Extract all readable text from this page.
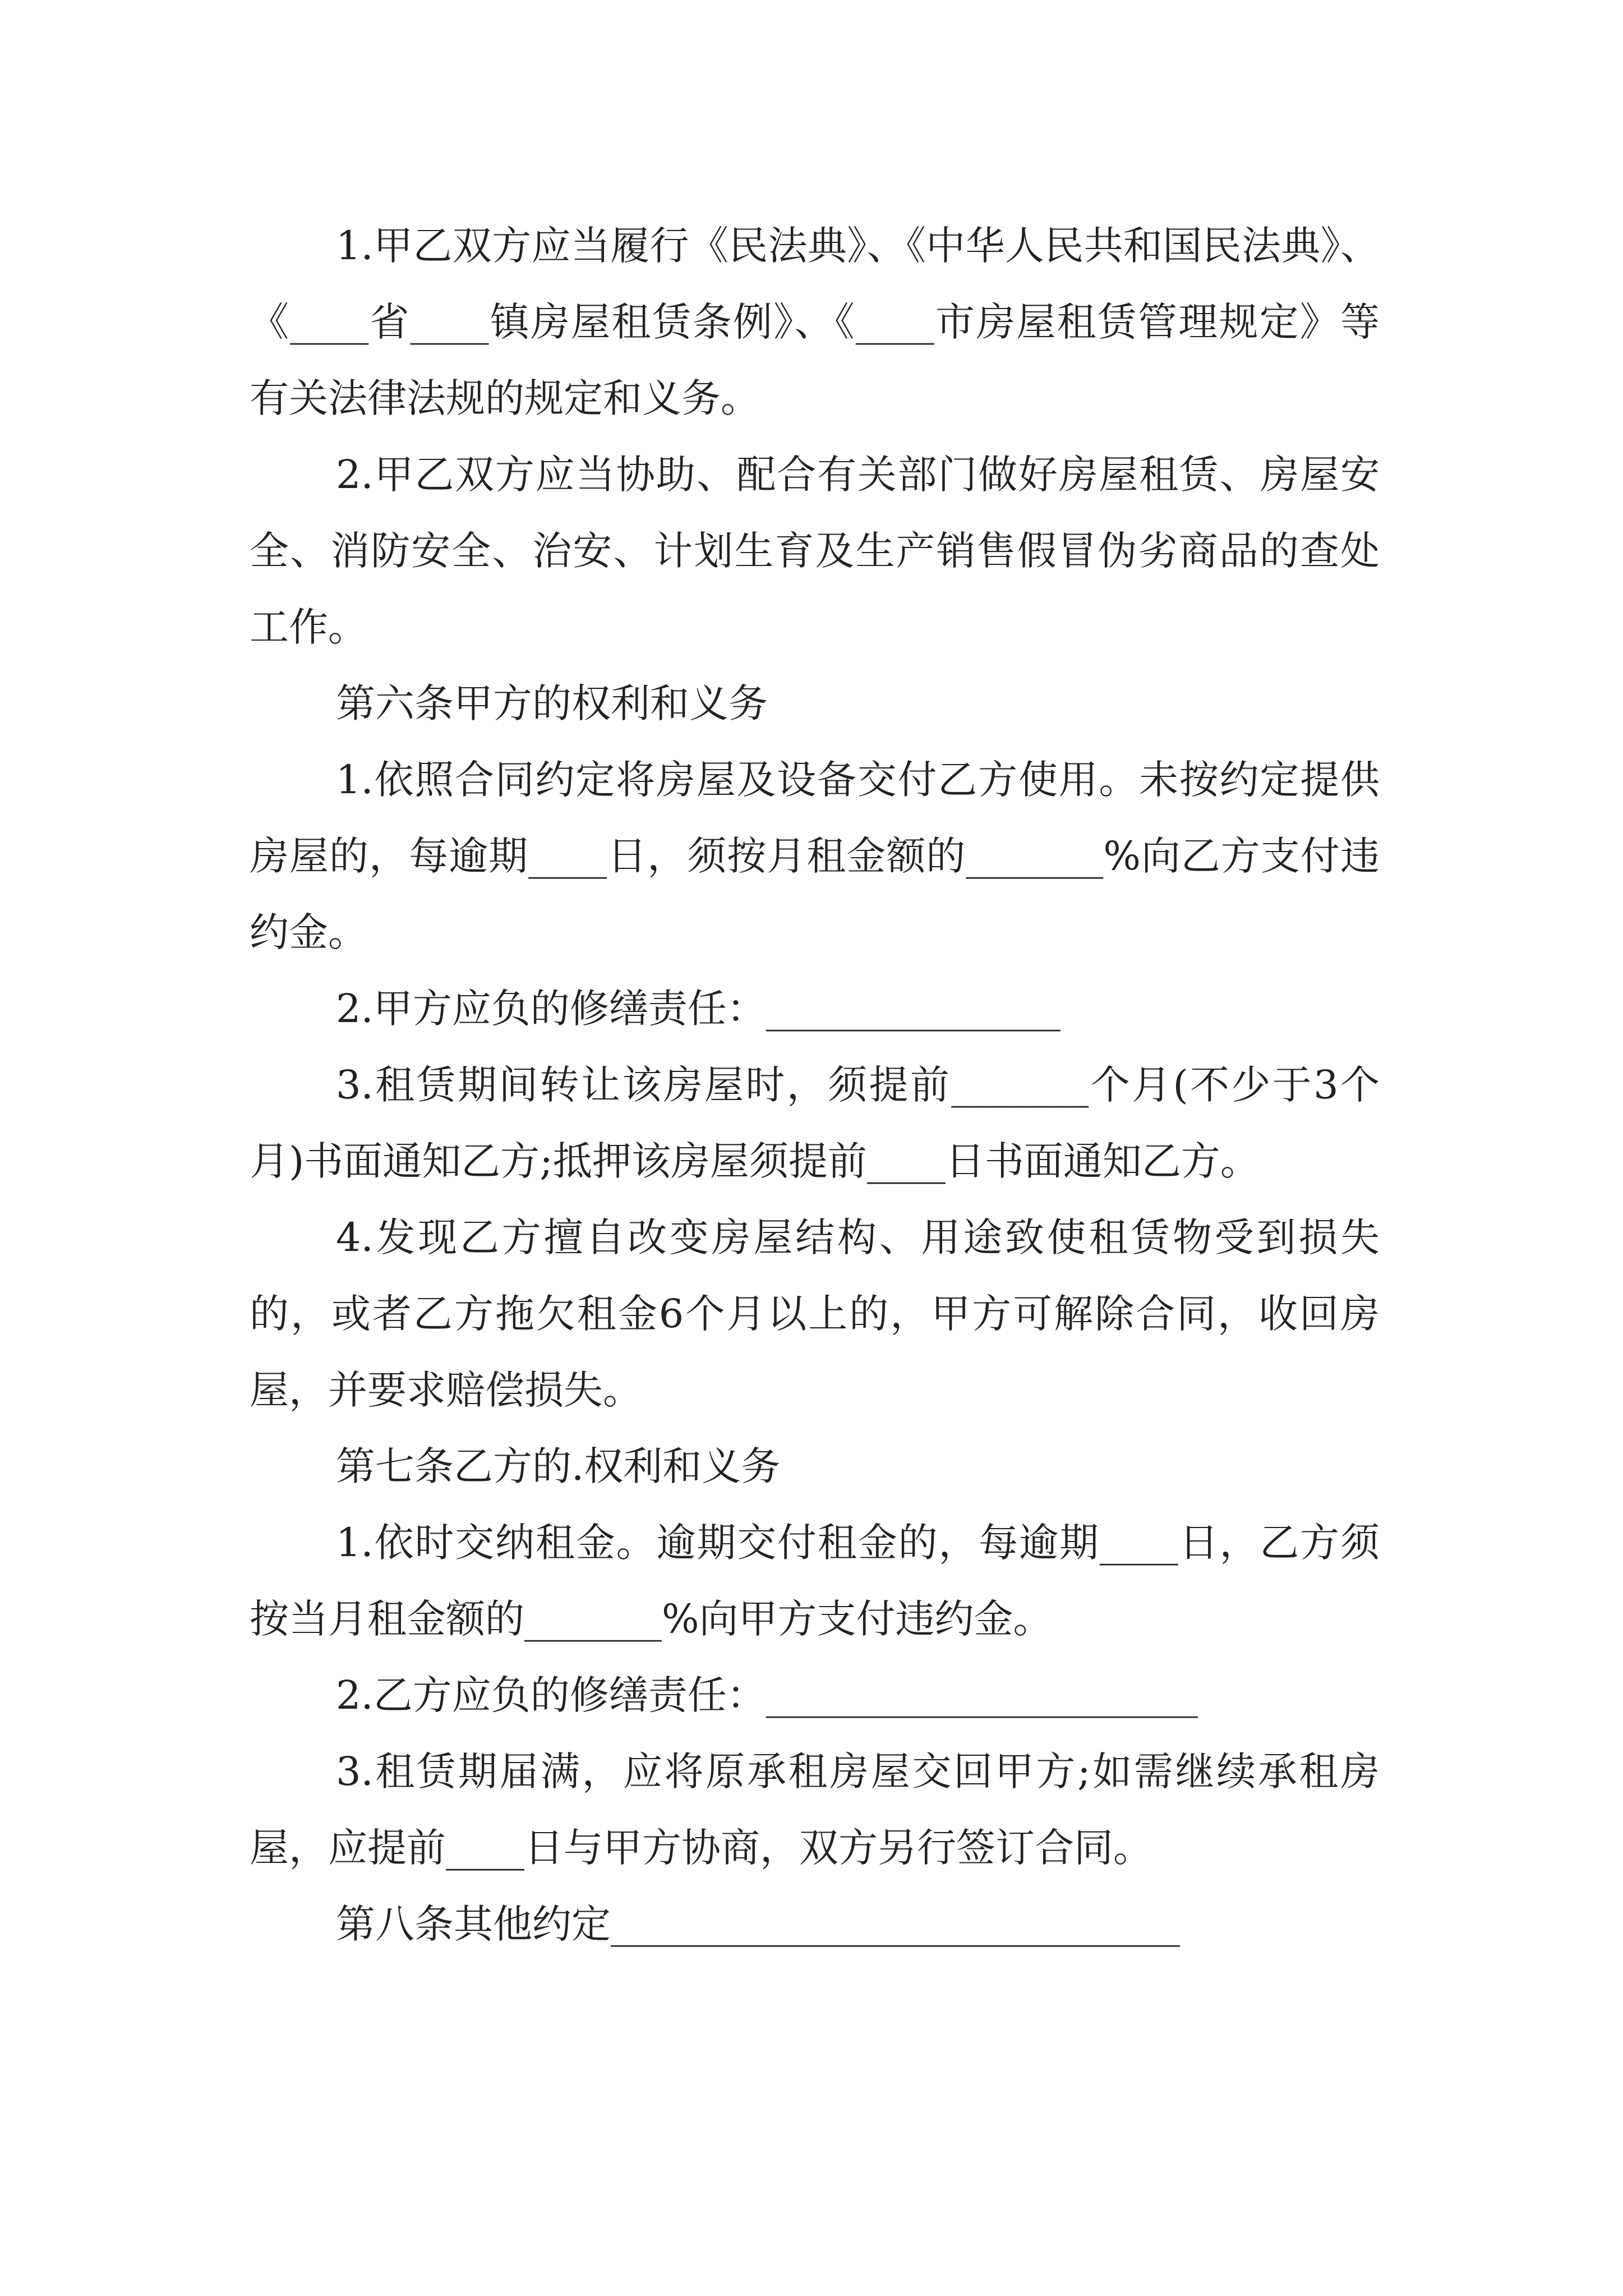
1.甲乙双方应当履行《民法典》、《中华人民共和国民法典》、《____省____镇房屋租赁条例》、《____市房屋租赁管理规定》等有关法律法规的规定和义务。

2.甲乙双方应当协助、配合有关部门做好房屋租赁、房屋安全、消防安全、治安、计划生育及生产销售假冒伪劣商品的查处工作。

第六条甲方的权利和义务

1.依照合同约定将房屋及设备交付乙方使用。未按约定提供房屋的，每逾期____日，须按月租金额的_______%向乙方支付违约金。

2.甲方应负的修缮责任：_______________

3.租赁期间转让该房屋时，须提前_______个月(不少于3个月)书面通知乙方;抵押该房屋须提前____日书面通知乙方。

4.发现乙方擅自改变房屋结构、用途致使租赁物受到损失的，或者乙方拖欠租金6个月以上的，甲方可解除合同，收回房屋，并要求赔偿损失。

第七条乙方的.权利和义务

1.依时交纳租金。逾期交付租金的，每逾期____日，乙方须按当月租金额的_______%向甲方支付违约金。

2.乙方应负的修缮责任：______________________

3.租赁期届满，应将原承租房屋交回甲方;如需继续承租房屋，应提前____日与甲方协商，双方另行签订合同。

第八条其他约定_____________________________
